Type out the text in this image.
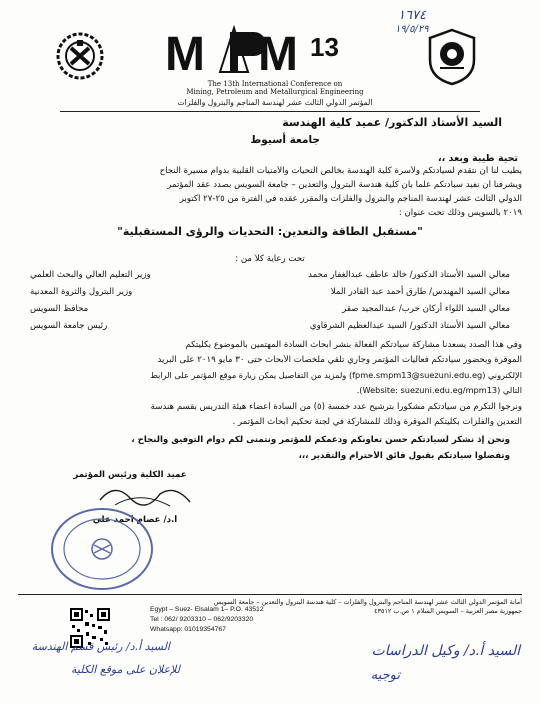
١٦٧٤
١٩/٥/٢٩
M M 13
The 13th International Conference on
Mining, Petroleum and Metallurgical Engineering
المؤتمر الدولي الثالث عشر لهندسة المناجم والبترول والفلزات
السيد الأستاذ الدكتور/ عميد كلية الهندسة
جامعة أسيوط
تحية طيبة وبعد ،،
يطيب لنا أن نتقدم لسيادتكم ولأسرة كلية الهندسة بخالص التحيات والأمنيات القلبية بدوام مسيرة النجاح
ويشرفنا أن نفيد سيادتكم علماً بأن كلية هندسة البترول والتعدين – جامعة السويس بصدد عقد المؤتمر
الدولي الثالث عشر لهندسة المناجم والبترول والفلزات والمقرر عقده في الفترة من ٢٥-٢٧ أكتوبر
٢٠١٩ بالسويس وذلك تحت عنوان :
"مستقبل الطاقة والتعدين: التحديات والرؤى المستقبلية"
تحت رعاية كلاً من :
معالي السيد الأستاذ الدكتور/ خالد عاطف عبدالغفار محمد
وزير التعليم العالي والبحث العلمي
معالي السيد المهندس/ طارق أحمد عبد القادر الملا
وزير البترول والثروة المعدنية
معالي السيد اللواء أركان حرب/ عبدالمجيد صقر
محافظ السويس
معالي السيد الأستاذ الدكتور/ السيد عبدالعظيم الشرقاوي
رئيس جامعة السويس
وفي هذا الصدد يسعدنا مشاركة سيادتكم الفعالة بنشر أبحاث السادة المهتمين بالموضوع بكليتكم
الموقرة وبحضور سيادتكم فعاليات المؤتمر وجاري تلقي ملخصات الأبحاث حتى ٣٠ مايو ٢٠١٩ على البريد
الإلكتروني (fpme.smpm13@suezuni.edu.eg) ولمزيد من التفاصيل يمكن زيارة موقع المؤتمر على الرابط
التالي (Website: suezuni.edu.eg/mpm13).
ونرجوا التكرم من سيادتكم مشكوراً بترشيح عدد خمسة (٥) من السادة أعضاء هيئة التدريس بقسم هندسة
التعدين والفلزات بكليتكم الموقرة وذلك للمشاركة في لجنة تحكيم أبحاث المؤتمر .
ونحن إذ نشكر لسيادتكم حسن تعاونكم ودعمكم للمؤتمر ونتمنى لكم دوام التوفيق والنجاح ،
وتفضلوا سيادتكم بقبول فائق الأحترام والتقدير ،،،
عميد الكلية ورئيس المؤتمر
أ.د/ عصام أحمد علي
أمانة المؤتمر الدولي الثالث عشر لهندسة المناجم والبترول والفلزات – كلية هندسة البترول والتعدين – جامعة السويس
جمهورية مصر العربية – السويس السلام ١ ص.ب ٤٣٥١٢
Egypt – Suez- Elsalam 1– P.O. 43512
Tel : 062/ 9203310 – 062/9203320
Whatsapp: 01019354767
السيد أ.د/ رئيس قسم الهندسة
للإعلان على موقع الكلية
السيد أ.د/ وكيل الدراسات
توجيه
